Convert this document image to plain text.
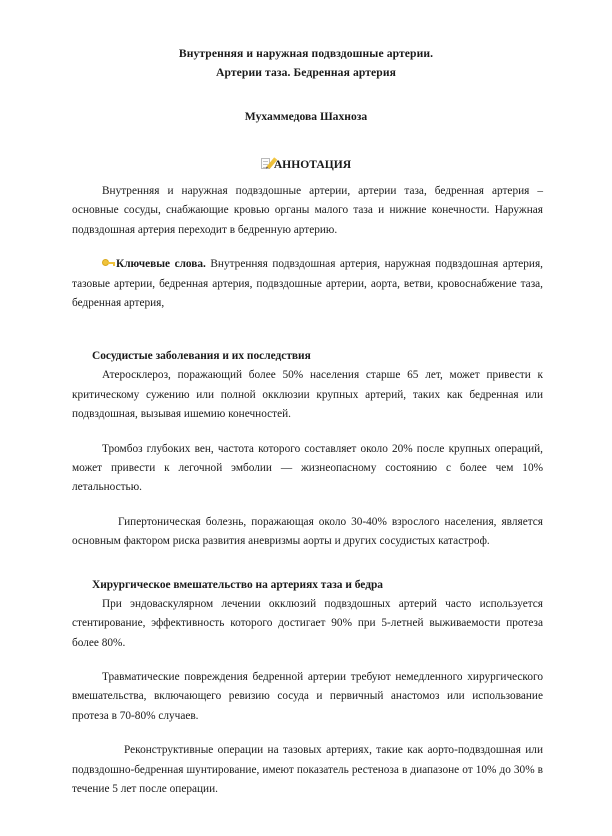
Внутренняя и наружная подвздошные артерии.
Артерии таза. Бедренная артерия
Мухаммедова Шахноза
АННОТАЦИЯ

Внутренняя и наружная подвздошные артерии, артерии таза, бедренная артерия – основные сосуды, снабжающие кровью органы малого таза и нижние конечности. Наружная подвздошная артерия переходит в бедренную артерию.

Ключевые слова. Внутренняя подвздошная артерия, наружная подвздошная артерия, тазовые артерии, бедренная артерия, подвздошные артерии, аорта, ветви, кровоснабжение таза, бедренная артерия,

Сосудистые заболевания и их последствия

Атеросклероз, поражающий более 50% населения старше 65 лет, может привести к критическому сужению или полной окклюзии крупных артерий, таких как бедренная или подвздошная, вызывая ишемию конечностей.

Тромбоз глубоких вен, частота которого составляет около 20% после крупных операций, может привести к легочной эмболии — жизнеопасному состоянию с более чем 10% летальностью.

Гипертоническая болезнь, поражающая около 30-40% взрослого населения, является основным фактором риска развития аневризмы аорты и других сосудистых катастроф.

Хирургическое вмешательство на артериях таза и бедра

При эндоваскулярном лечении окклюзий подвздошных артерий часто используется стентирование, эффективность которого достигает 90% при 5-летней выживаемости протеза более 80%.

Травматические повреждения бедренной артерии требуют немедленного хирургического вмешательства, включающего ревизию сосуда и первичный анастомоз или использование протеза в 70-80% случаев.

Реконструктивные операции на тазовых артериях, такие как аорто-подвздошная или подвздошно-бедренная шунтирование, имеют показатель рестеноза в диапазоне от 10% до 30% в течение 5 лет после операции.
